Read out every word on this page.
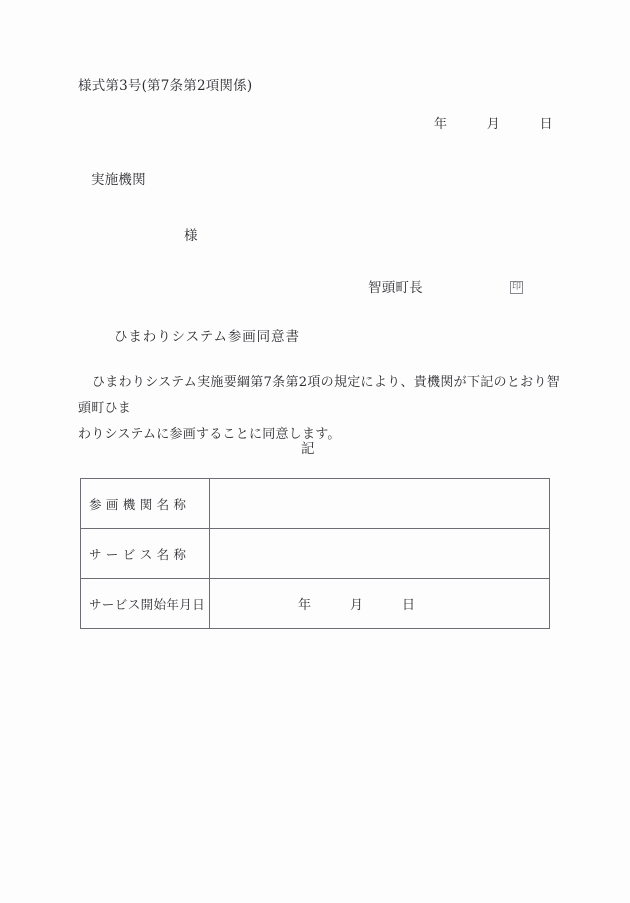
様式第3号(第7条第2項関係)
年　　　月　　　日
実施機関
様
智頭町長	印
ひまわりシステム参画同意書
ひまわりシステム実施要綱第7条第2項の規定により、貴機関が下記のとおり智頭町ひま
わりシステムに参画することに同意します。
記
参画機関名称	

サービス名称	

サービス開始年月日	年　　　月　　　日
